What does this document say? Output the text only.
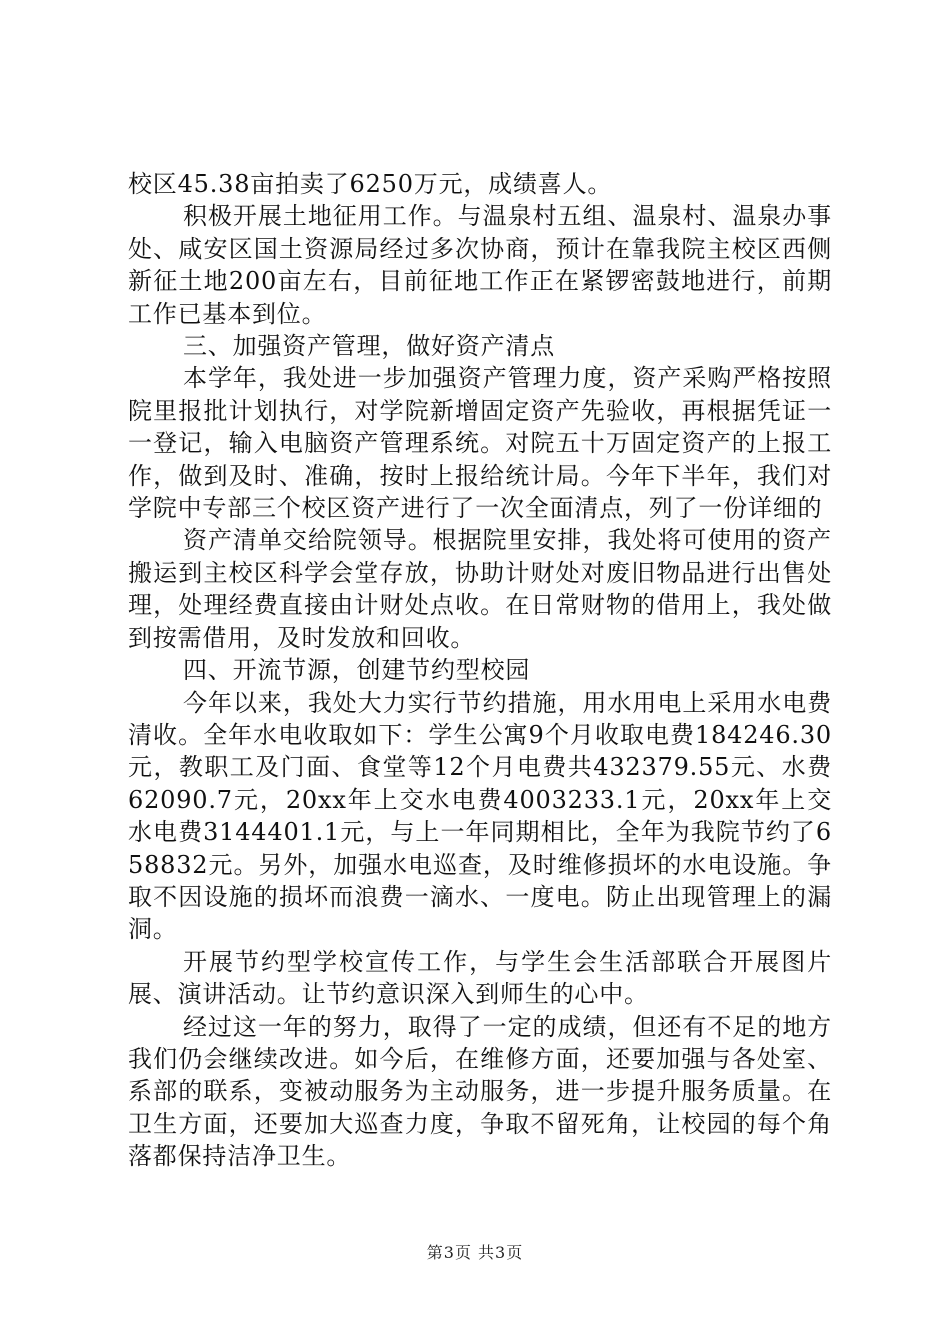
校区45.38亩拍卖了6250万元，成绩喜人。

积极开展土地征用工作。与温泉村五组、温泉村、温泉办事处、咸安区国土资源局经过多次协商，预计在靠我院主校区西侧新征土地200亩左右，目前征地工作正在紧锣密鼓地进行，前期工作已基本到位。

三、加强资产管理，做好资产清点

本学年，我处进一步加强资产管理力度，资产采购严格按照院里报批计划执行，对学院新增固定资产先验收，再根据凭证一一登记，输入电脑资产管理系统。对院五十万固定资产的上报工作，做到及时、准确，按时上报给统计局。今年下半年，我们对学院中专部三个校区资产进行了一次全面清点，列了一份详细的

资产清单交给院领导。根据院里安排，我处将可使用的资产搬运到主校区科学会堂存放，协助计财处对废旧物品进行出售处理，处理经费直接由计财处点收。在日常财物的借用上，我处做到按需借用，及时发放和回收。

四、开流节源，创建节约型校园

今年以来，我处大力实行节约措施，用水用电上采用水电费清收。全年水电收取如下：学生公寓9个月收取电费184246.30元，教职工及门面、食堂等12个月电费共432379.55元、水费62090.7元，20xx年上交水电费4003233.1元，20xx年上交水电费3144401.1元，与上一年同期相比，全年为我院节约了658832元。另外，加强水电巡查，及时维修损坏的水电设施。争取不因设施的损坏而浪费一滴水、一度电。防止出现管理上的漏洞。

开展节约型学校宣传工作，与学生会生活部联合开展图片展、演讲活动。让节约意识深入到师生的心中。

经过这一年的努力，取得了一定的成绩，但还有不足的地方我们仍会继续改进。如今后，在维修方面，还要加强与各处室、系部的联系，变被动服务为主动服务，进一步提升服务质量。在卫生方面，还要加大巡查力度，争取不留死角，让校园的每个角落都保持洁净卫生。

第3页 共3页
